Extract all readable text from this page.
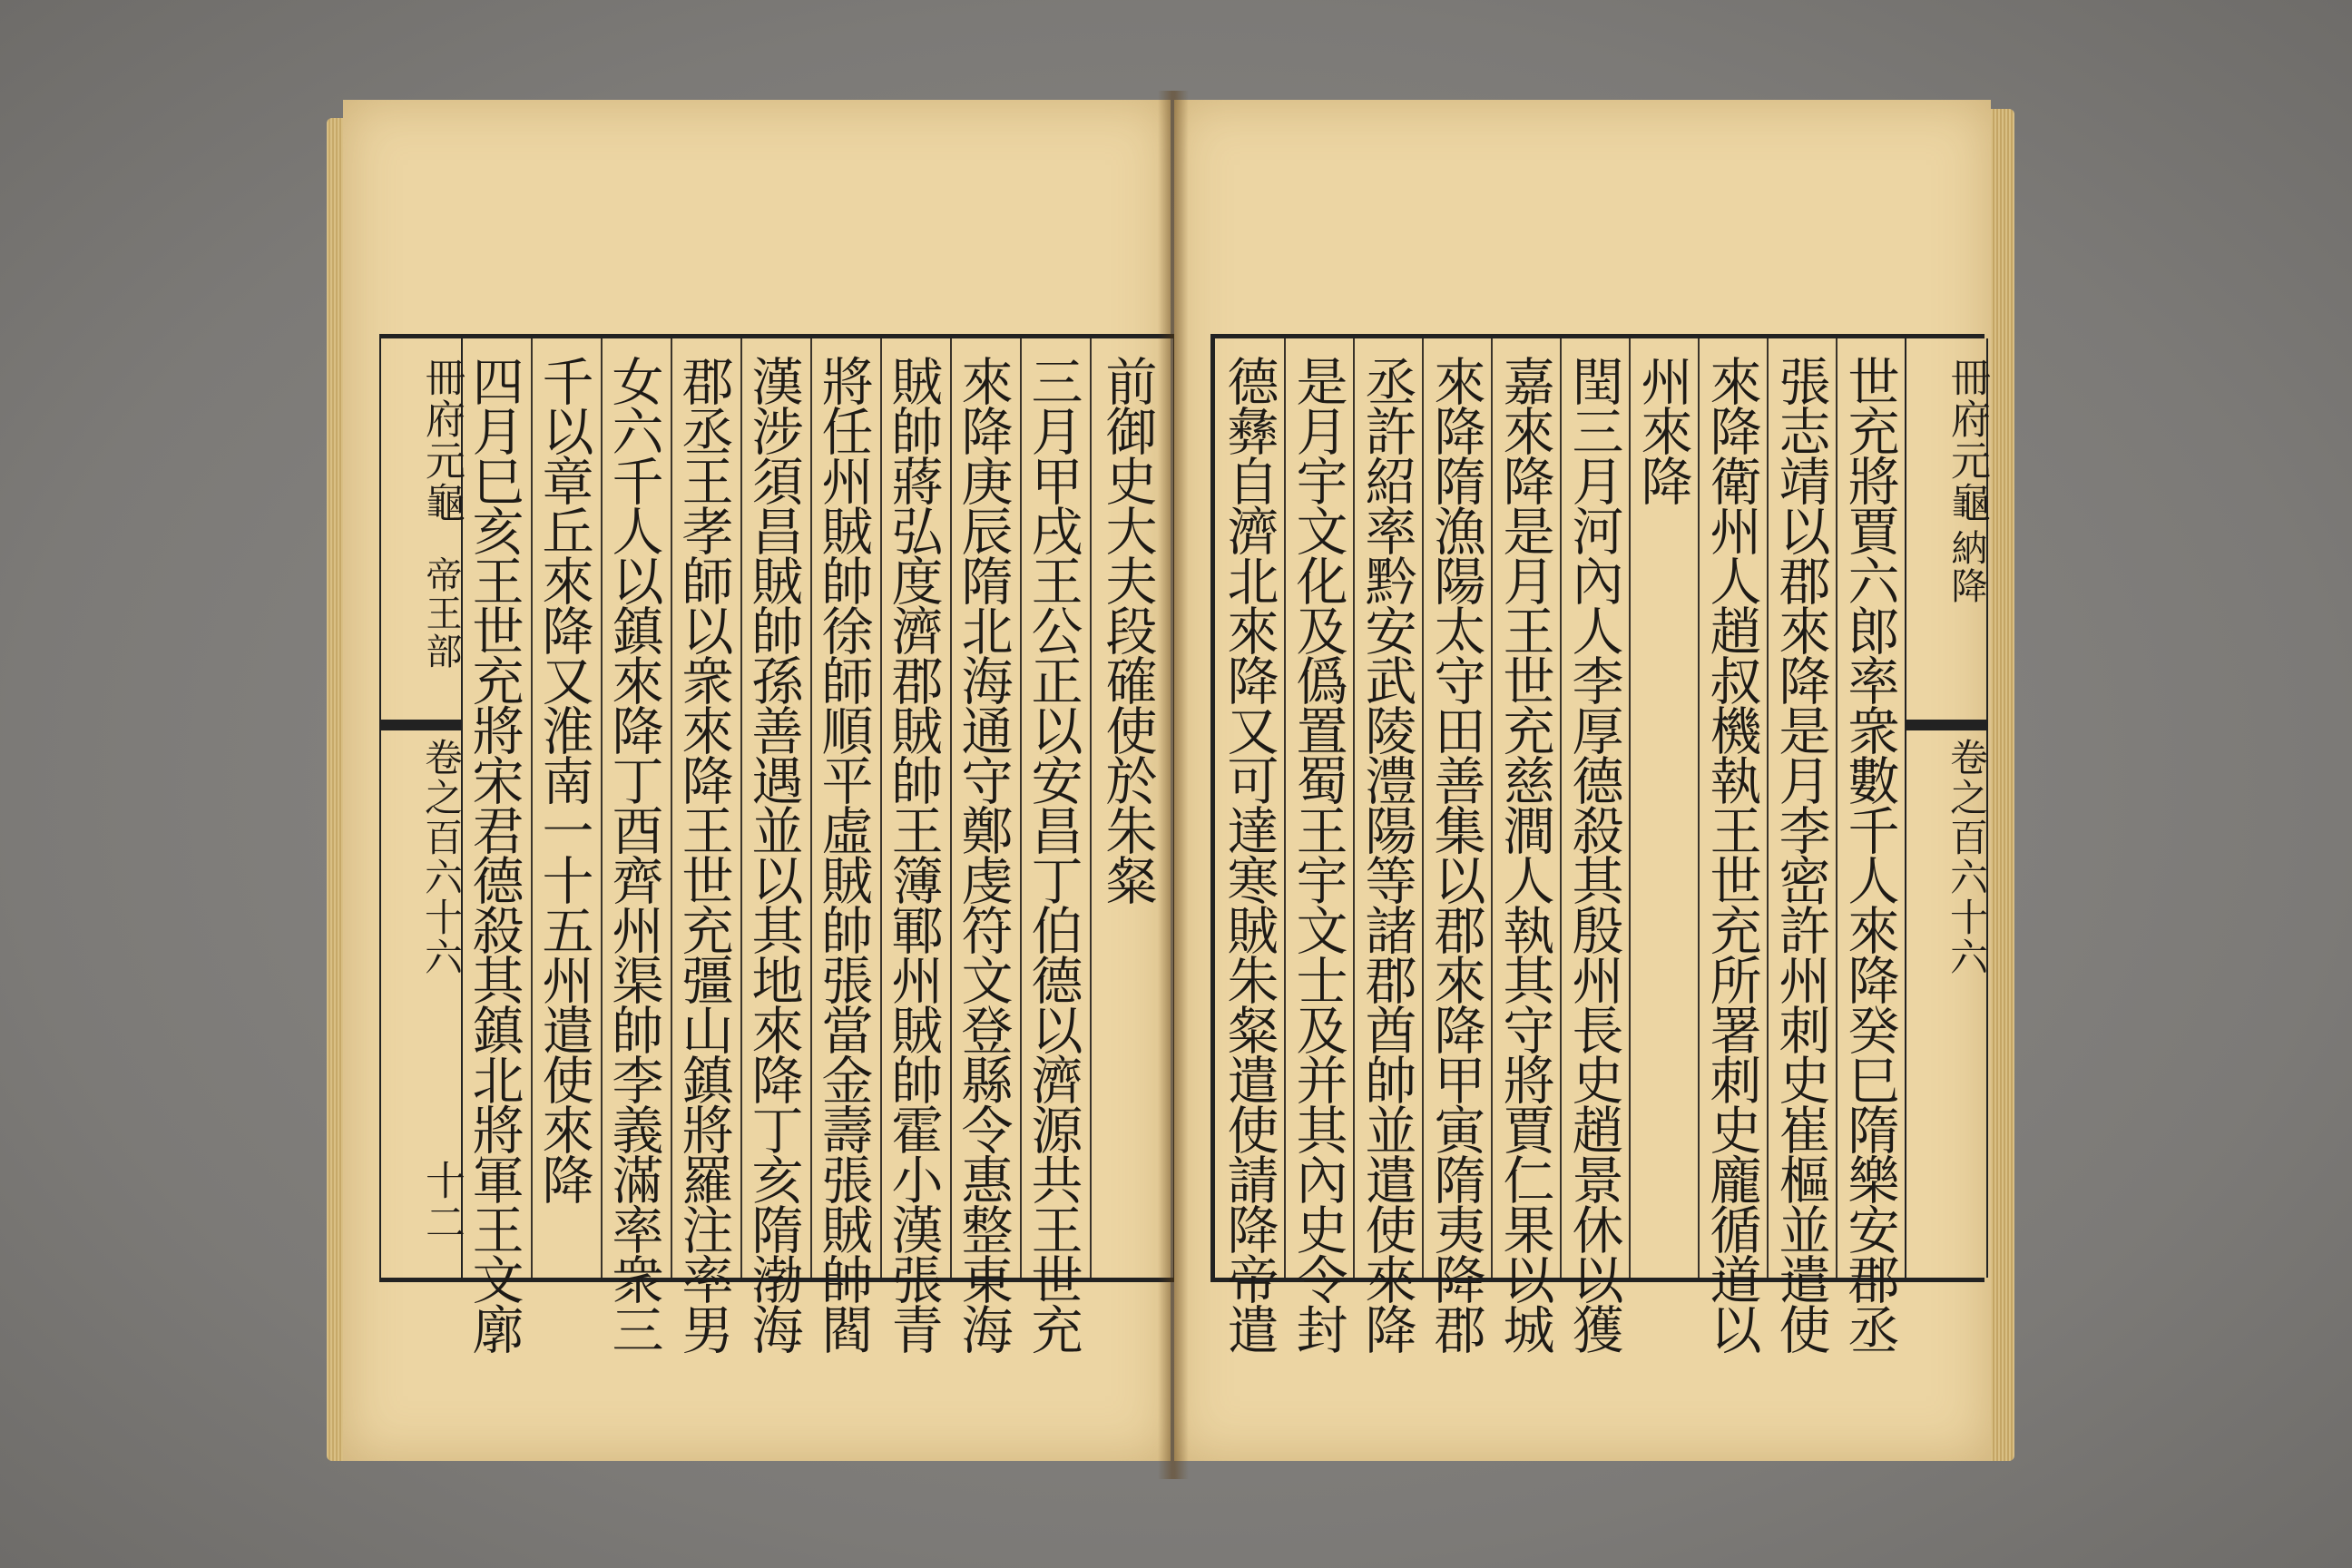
冊府元龜
帝王部
卷之百六十六
十二 四月巳亥王世充將宋君德殺其鎮北將軍王文廓 千以章丘來降又淮南一十五州遣使來降 女六千人以鎮來降丁酉齊州渠帥李義滿率衆三 郡丞王孝師以衆來降王世充彊山鎮將羅注率男 漢涉須昌賊帥孫善遇並以其地來降丁亥隋渤海 將任州賊帥徐師順平虛賊帥張當金壽張賊帥閻 賊帥蔣弘度濟郡賊帥王簿鄆州賊帥霍小漢張青 來降庚辰隋北海通守鄭虔符文登縣令惠整東海 三月甲戌王公正以安昌丁伯德以濟源共王世充 前御史大夫段確使於朱粲 德彝自濟北來降又可達寒賊朱粲遣使請降帝遣 是月宇文化及僞置蜀王宇文士及并其內史令封 丞許紹率黔安武陵澧陽等諸郡酋帥並遣使來降 來降隋漁陽太守田善集以郡來降甲寅隋夷降郡 嘉來降是月王世充慈澗人執其守將賈仁果以城 閏三月河內人李厚德殺其殷州長史趙景休以獲 州來降 來降衛州人趙叔機執王世充所署刺史龐循道以 張志靖以郡來降是月李密許州刺史崔樞並遣使 世充將賈六郎率衆數千人來降癸巳隋樂安郡丞	冊府元龜
納降
卷之百六十六
